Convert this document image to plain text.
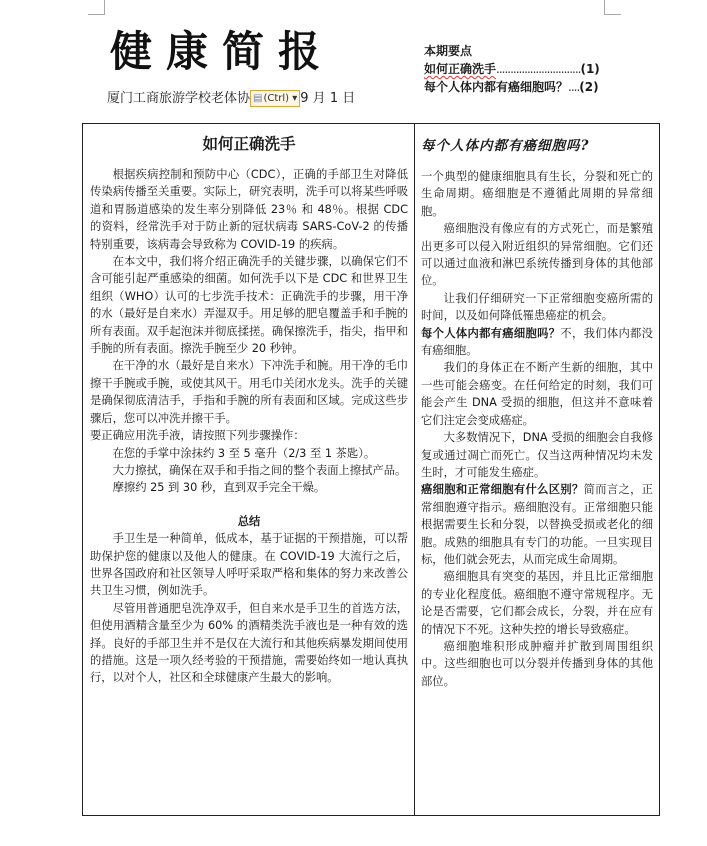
健康简报
厦门工商旅游学校老体协 ▤(Ctrl) ▾ 9 月 1 日
本期要点
如何正确洗手..............................(1)
每个人体内都有癌细胞吗？....(2)
如何正确洗手

根据疾病控制和预防中心（CDC），正确的手部卫生对降低传染病传播至关重要。实际上，研究表明，洗手可以将某些呼吸道和胃肠道感染的发生率分别降低 23％ 和 48％。根据 CDC 的资料，经常洗手对于防止新的冠状病毒 SARS-CoV-2 的传播特别重要，该病毒会导致称为 COVID-19 的疾病。

在本文中，我们将介绍正确洗手的关键步骤，以确保它们不含可能引起严重感染的细菌。如何洗手以下是 CDC 和世界卫生组织（WHO）认可的七步洗手技术：正确洗手的步骤，用干净的水（最好是自来水）弄湿双手。用足够的肥皂覆盖手和手腕的所有表面。双手起泡沫并彻底揉搓。确保擦洗手，指尖，指甲和手腕的所有表面。擦洗手腕至少 20 秒钟。

在干净的水（最好是自来水）下冲洗手和腕。用干净的毛巾擦干手腕或手腕，或使其风干。用毛巾关闭水龙头。洗手的关键是确保彻底清洁手，手指和手腕的所有表面和区域。完成这些步骤后，您可以冲洗并擦干手。

要正确应用洗手液，请按照下列步骤操作：

在您的手掌中涂抹约 3 至 5 毫升（2/3 至 1 茶匙）。

大力擦拭，确保在双手和手指之间的整个表面上擦拭产品。

摩擦约 25 到 30 秒，直到双手完全干燥。

总结

手卫生是一种简单，低成本，基于证据的干预措施，可以帮助保护您的健康以及他人的健康。在 COVID-19 大流行之后，世界各国政府和社区领导人呼吁采取严格和集体的努力来改善公共卫生习惯，例如洗手。

尽管用普通肥皂洗净双手，但自来水是手卫生的首选方法，但使用酒精含量至少为 60% 的酒精类洗手液也是一种有效的选择。良好的手部卫生并不是仅在大流行和其他疾病暴发期间使用的措施。这是一项久经考验的干预措施，需要始终如一地认真执行，以对个人，社区和全球健康产生最大的影响。

每个人体内都有癌细胞吗?

一个典型的健康细胞具有生长，分裂和死亡的生命周期。癌细胞是不遵循此周期的异常细胞。

癌细胞没有像应有的方式死亡，而是繁殖出更多可以侵入附近组织的异常细胞。它们还可以通过血液和淋巴系统传播到身体的其他部位。

让我们仔细研究一下正常细胞变癌所需的时间，以及如何降低罹患癌症的机会。

每个人体内都有癌细胞吗？不，我们体内都没有癌细胞。

我们的身体正在不断产生新的细胞，其中一些可能会癌变。在任何给定的时刻，我们可能会产生 DNA 受损的细胞，但这并不意味着它们注定会变成癌症。

大多数情况下，DNA 受损的细胞会自我修复或通过凋亡而死亡。仅当这两种情况均未发生时，才可能发生癌症。

癌细胞和正常细胞有什么区别？简而言之，正常细胞遵守指示。癌细胞没有。正常细胞只能根据需要生长和分裂，以替换受损或老化的细胞。成熟的细胞具有专门的功能。一旦实现目标，他们就会死去，从而完成生命周期。

癌细胞具有突变的基因，并且比正常细胞的专业化程度低。癌细胞不遵守常规程序。无论是否需要，它们都会成长，分裂，并在应有的情况下不死。这种失控的增长导致癌症。

癌细胞堆积形成肿瘤并扩散到周围组织中。这些细胞也可以分裂并传播到身体的其他部位。
